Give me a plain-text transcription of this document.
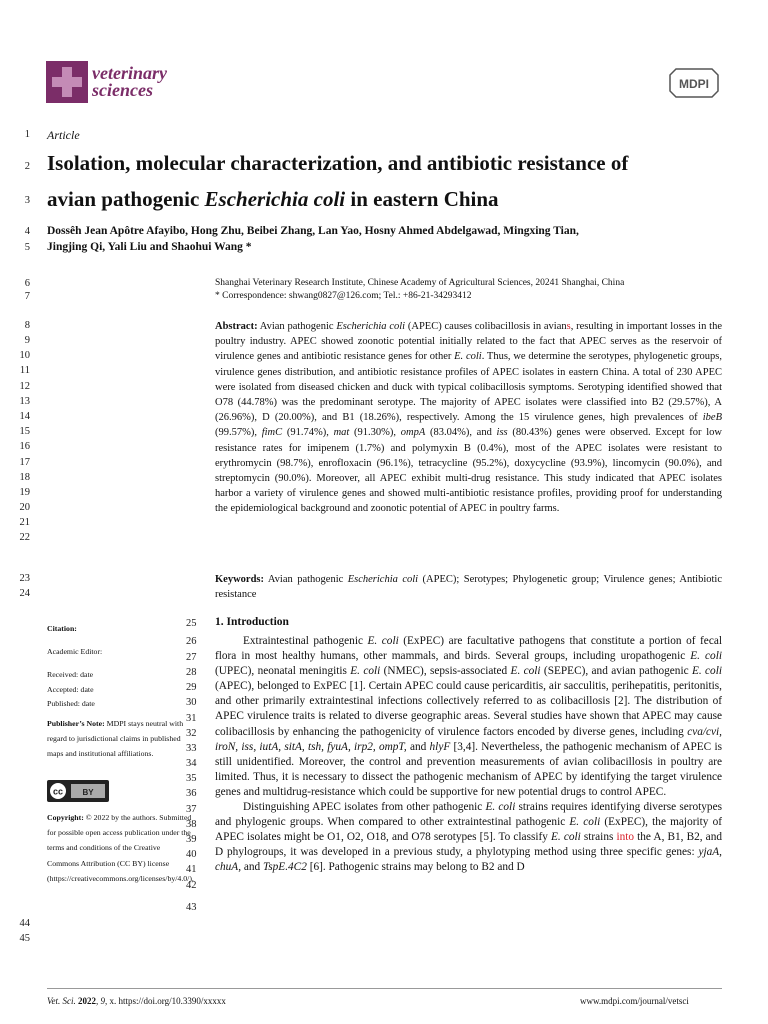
veterinary
sciences	MDPI
1
2
3
4
5
6
7
8
9
10
11
12
13
14
15
16
17
18
19
20
21
22
23
24
Article
Isolation, molecular characterization, and antibiotic resistance of
avian pathogenic Escherichia coli in eastern China
Dossêh Jean Apôtre Afayibo, Hong Zhu, Beibei Zhang, Lan Yao, Hosny Ahmed Abdelgawad, Mingxing Tian,
Jingjing Qi, Yali Liu and Shaohui Wang *
Shanghai Veterinary Research Institute, Chinese Academy of Agricultural Sciences, 20241 Shanghai, China
* Correspondence: shwang0827@126.com; Tel.: +86-21-34293412
Abstract: Avian pathogenic Escherichia coli (APEC) causes colibacillosis in avians, resulting in important losses in the poultry industry. APEC showed zoonotic potential initially related to the fact that APEC serves as the reservoir of virulence genes and antibiotic resistance genes for other E. coli. Thus, we determine the serotypes, phylogenetic groups, virulence genes distribution, and antibiotic resistance profiles of APEC isolates in eastern China. A total of 230 APEC were isolated from diseased chicken and duck with typical colibacillosis symptoms. Serotyping identified showed that O78 (44.78%) was the predominant serotype. The majority of APEC isolates were classified into B2 (29.57%), A (26.96%), D (20.00%), and B1 (18.26%), respectively. Among the 15 virulence genes, high prevalences of ibeB (99.57%), fimC (91.74%), mat (91.30%), ompA (83.04%), and iss (80.43%) genes were observed. Except for low resistance rates for imipenem (1.7%) and polymyxin B (0.4%), most of the APEC isolates were resistant to erythromycin (98.7%), enrofloxacin (96.1%), tetracycline (95.2%), doxycycline (93.9%), lincomycin (90.0%), and streptomycin (90.0%). Moreover, all APEC exhibit multi-drug resistance. This study indicated that APEC isolates harbor a variety of virulence genes and showed multi-antibiotic resistance profiles, providing proof for understanding the epidemiological background and zoonotic potential of APEC in poultry farms.
Keywords: Avian pathogenic Escherichia coli (APEC); Serotypes; Phylogenetic group; Virulence genes; Antibiotic resistance
Citation:
Academic Editor:
Received: date
Accepted: date
Published: date
Publisher’s Note: MDPI stays neutral with regard to jurisdictional claims in published maps and institutional affiliations.
cc BY
Copyright: © 2022 by the authors. Submitted for possible open access publication under the terms and conditions of the Creative Commons Attribution (CC BY) license (https://creativecommons.org/licenses/by/4.0/).
25
26
27
28
29
30
31
32
33
34
35
36
37
38
39
40
41
42
43
44
45
1. Introduction

Extraintestinal pathogenic E. coli (ExPEC) are facultative pathogens that constitute a portion of fecal flora in most healthy humans, other mammals, and birds. Several groups, including uropathogenic E. coli (UPEC), neonatal meningitis E. coli (NMEC), sepsis-associated E. coli (SEPEC), and avian pathogenic E. coli (APEC), belonged to ExPEC [1]. Certain APEC could cause pericarditis, air sacculitis, perihepatitis, peritonitis, and other primarily extraintestinal infections collectively referred to as colibacillosis [2]. The distribution of APEC virulence traits is related to diverse geographic areas. Several studies have shown that APEC may cause colibacillosis by enhancing the pathogenicity of virulence factors encoded by diverse genes, including cva/cvi, iroN, iss, iutA, sitA, tsh, fyuA, irp2, ompT, and hlyF [3,4]. Nevertheless, the pathogenic mechanism of APEC is still unidentified. Moreover, the control and prevention measurements of avian colibacillosis in poultry are limited. Thus, it is necessary to dissect the pathogenic mechanism of APEC by identifying the target virulence genes and multidrug-resistance which could be supportive for new potential drugs to control APEC.

Distinguishing APEC isolates from other pathogenic E. coli strains requires identifying diverse serotypes and phylogenic groups. When compared to other extraintestinal pathogenic E. coli (ExPEC), the majority of APEC isolates might be O1, O2, O18, and O78 serotypes [5]. To classify E. coli strains into the A, B1, B2, and D phylogroups, it was developed in a previous study, a phylotyping method using three specific genes: yjaA, chuA, and TspE.4C2 [6]. Pathogenic strains may belong to B2 and D

Vet. Sci. 2022, 9, x. https://doi.org/10.3390/xxxxx	www.mdpi.com/journal/vetsci
